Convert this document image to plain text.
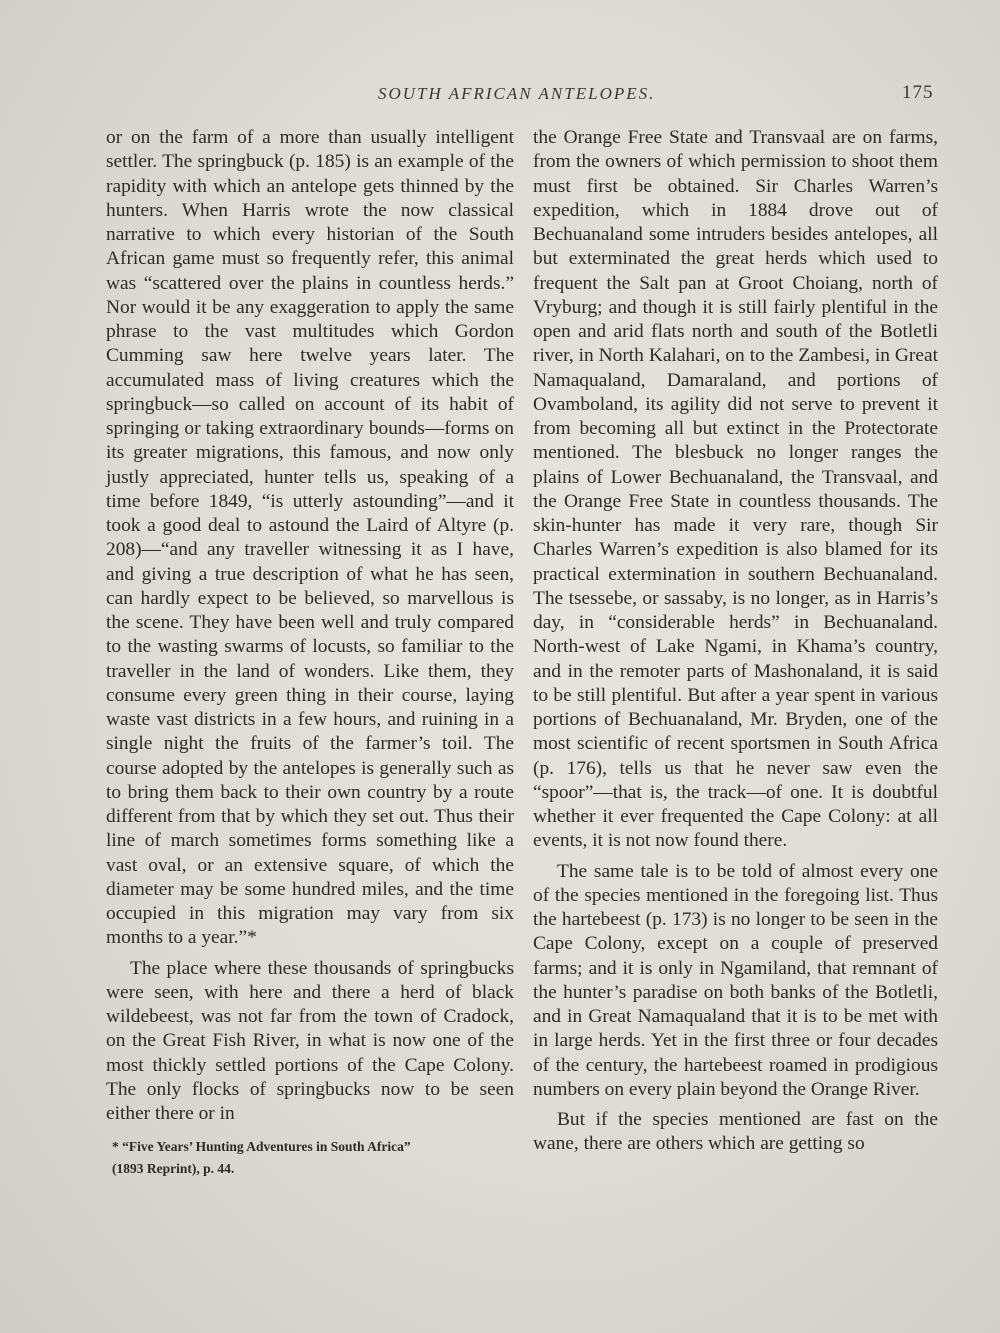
SOUTH AFRICAN ANTELOPES.	175

or on the farm of a more than usually intelligent settler. The springbuck (p. 185) is an example of the rapidity with which an antelope gets thinned by the hunters. When Harris wrote the now classical narrative to which every historian of the South African game must so frequently refer, this animal was “scattered over the plains in countless herds.” Nor would it be any exaggeration to apply the same phrase to the vast multitudes which Gordon Cumming saw here twelve years later. The accumulated mass of living creatures which the springbuck—so called on account of its habit of springing or taking extraordinary bounds—forms on its greater migrations, this famous, and now only justly appreciated, hunter tells us, speaking of a time before 1849, “is utterly astounding”—and it took a good deal to astound the Laird of Altyre (p. 208)—“and any traveller witnessing it as I have, and giving a true description of what he has seen, can hardly expect to be believed, so marvellous is the scene. They have been well and truly compared to the wasting swarms of locusts, so familiar to the traveller in the land of wonders. Like them, they consume every green thing in their course, laying waste vast districts in a few hours, and ruining in a single night the fruits of the farmer’s toil. The course adopted by the antelopes is generally such as to bring them back to their own country by a route different from that by which they set out. Thus their line of march sometimes forms something like a vast oval, or an extensive square, of which the diameter may be some hundred miles, and the time occupied in this migration may vary from six months to a year.”*

The place where these thousands of springbucks were seen, with here and there a herd of black wildebeest, was not far from the town of Cradock, on the Great Fish River, in what is now one of the most thickly settled portions of the Cape Colony. The only flocks of springbucks now to be seen either there or in

* “Five Years’ Hunting Adventures in South Africa”
(1893 Reprint), p. 44.

the Orange Free State and Transvaal are on farms, from the owners of which permission to shoot them must first be obtained. Sir Charles Warren’s expedition, which in 1884 drove out of Bechuanaland some intruders besides antelopes, all but exterminated the great herds which used to frequent the Salt pan at Groot Choiang, north of Vryburg; and though it is still fairly plentiful in the open and arid flats north and south of the Botletli river, in North Kalahari, on to the Zambesi, in Great Namaqualand, Damaraland, and portions of Ovamboland, its agility did not serve to prevent it from becoming all but extinct in the Protectorate mentioned. The blesbuck no longer ranges the plains of Lower Bechuanaland, the Transvaal, and the Orange Free State in countless thousands. The skin-hunter has made it very rare, though Sir Charles Warren’s expedition is also blamed for its practical extermination in southern Bechuanaland. The tsessebe, or sassaby, is no longer, as in Harris’s day, in “considerable herds” in Bechuanaland. North-west of Lake Ngami, in Khama’s country, and in the remoter parts of Mashonaland, it is said to be still plentiful. But after a year spent in various portions of Bechuanaland, Mr. Bryden, one of the most scientific of recent sportsmen in South Africa (p. 176), tells us that he never saw even the “spoor”—that is, the track—of one. It is doubtful whether it ever frequented the Cape Colony: at all events, it is not now found there.

The same tale is to be told of almost every one of the species mentioned in the foregoing list. Thus the hartebeest (p. 173) is no longer to be seen in the Cape Colony, except on a couple of preserved farms; and it is only in Ngamiland, that remnant of the hunter’s paradise on both banks of the Botletli, and in Great Namaqualand that it is to be met with in large herds. Yet in the first three or four decades of the century, the hartebeest roamed in prodigious numbers on every plain beyond the Orange River.

But if the species mentioned are fast on the wane, there are others which are getting so
